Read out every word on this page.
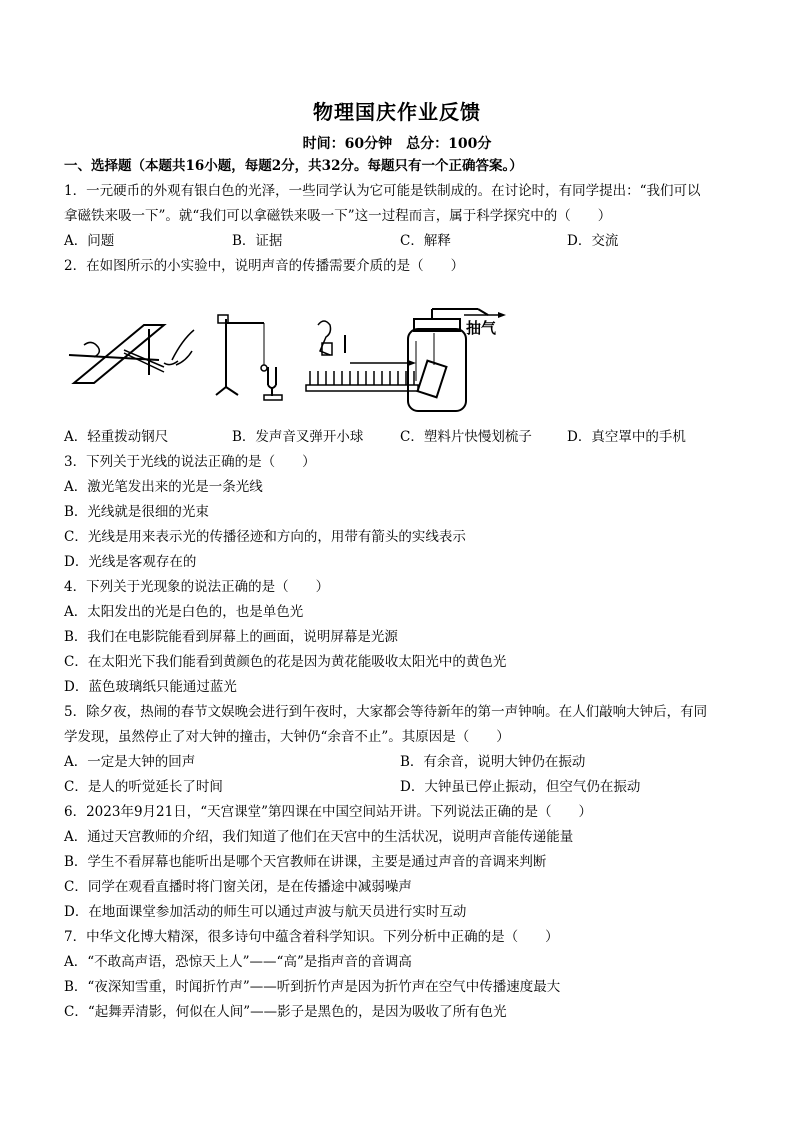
物理国庆作业反馈
时间：60分钟　总分：100分
一、选择题（本题共16小题，每题2分，共32分。每题只有一个正确答案。）
1．一元硬币的外观有银白色的光泽，一些同学认为它可能是铁制成的。在讨论时，有同学提出：“我们可以
拿磁铁来吸一下”。就“我们可以拿磁铁来吸一下”这一过程而言，属于科学探究中的（　　）
A．问题	B．证据	C．解释	D．交流
2．在如图所示的小实验中，说明声音的传播需要介质的是（　　）
抽气
A．轻重拨动钢尺	B．发声音叉弹开小球	C．塑料片快慢划梳子	D．真空罩中的手机
3．下列关于光线的说法正确的是（　　）
A．激光笔发出来的光是一条光线
B．光线就是很细的光束
C．光线是用来表示光的传播径迹和方向的，用带有箭头的实线表示
D．光线是客观存在的
4．下列关于光现象的说法正确的是（　　）
A．太阳发出的光是白色的，也是单色光
B．我们在电影院能看到屏幕上的画面，说明屏幕是光源
C．在太阳光下我们能看到黄颜色的花是因为黄花能吸收太阳光中的黄色光
D．蓝色玻璃纸只能通过蓝光
5．除夕夜，热闹的春节文娱晚会进行到午夜时，大家都会等待新年的第一声钟响。在人们敲响大钟后，有同
学发现，虽然停止了对大钟的撞击，大钟仍“余音不止”。其原因是（　　）
A．一定是大钟的回声	B．有余音，说明大钟仍在振动
C．是人的听觉延长了时间	D．大钟虽已停止振动，但空气仍在振动
6．2023年9月21日，“天宫课堂”第四课在中国空间站开讲。下列说法正确的是（　　）
A．通过天宫教师的介绍，我们知道了他们在天宫中的生活状况，说明声音能传递能量
B．学生不看屏幕也能听出是哪个天宫教师在讲课，主要是通过声音的音调来判断
C．同学在观看直播时将门窗关闭，是在传播途中减弱噪声
D．在地面课堂参加活动的师生可以通过声波与航天员进行实时互动
7．中华文化博大精深，很多诗句中蕴含着科学知识。下列分析中正确的是（　　）
A．“不敢高声语，恐惊天上人”——“高”是指声音的音调高
B．“夜深知雪重，时闻折竹声”——听到折竹声是因为折竹声在空气中传播速度最大
C．“起舞弄清影，何似在人间”——影子是黑色的，是因为吸收了所有色光
